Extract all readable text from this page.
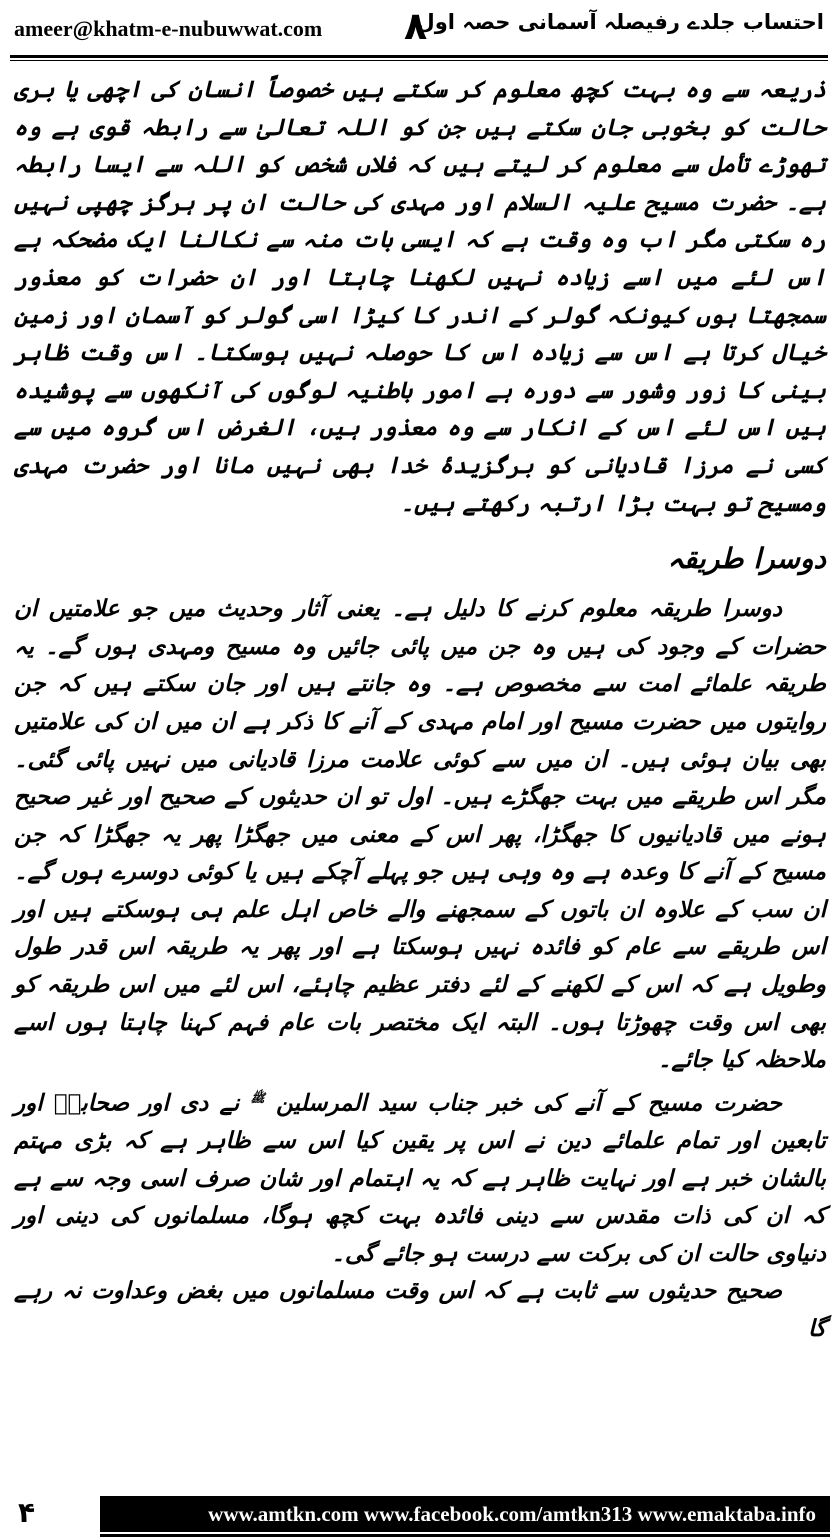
ameer@khatm-e-nubuwwat.com ۸
احتساب جلدے رفیصلہ آسمانی حصہ اول

ذریعہ سے وہ بہت کچھ معلوم کر سکتے ہیں خصوصاً انسان کی اچھی یا بری حالت کو بخوبی جان سکتے ہیں جن کو اللہ تعالیٰ سے رابطہ قوی ہے وہ تھوڑے تأمل سے معلوم کر لیتے ہیں کہ فلاں شخص کو اللہ سے ایسا رابطہ ہے۔ حضرت مسیح علیہ السلام اور مہدی کی حالت ان پر ہرگز چھپی نہیں رہ سکتی مگر اب وہ وقت ہے کہ ایسی بات منہ سے نکالنا ایک مضحکہ ہے اس لئے میں اسے زیادہ نہیں لکھنا چاہتا اور ان حضرات کو معذور سمجھتا ہوں کیونکہ گولر کے اندر کا کیڑا اسی گولر کو آسمان اور زمین خیال کرتا ہے اس سے زیادہ اس کا حوصلہ نہیں ہوسکتا۔ اس وقت ظاہر بینی کا زور وشور سے دورہ ہے امور باطنیہ لوگوں کی آنکھوں سے پوشیدہ ہیں اس لئے اس کے انکار سے وہ معذور ہیں، الغرض اس گروہ میں سے کسی نے مرزا قادیانی کو برگزیدۂ خدا بھی نہیں مانا اور حضرت مہدی ومسیح تو بہت بڑا ارتبہ رکھتے ہیں۔

دوسرا طریقہ

دوسرا طریقہ معلوم کرنے کا دلیل ہے۔ یعنی آثار وحدیث میں جو علامتیں ان حضرات کے وجود کی ہیں وہ جن میں پائی جائیں وہ مسیح ومہدی ہوں گے۔ یہ طریقہ علمائے امت سے مخصوص ہے۔ وہ جانتے ہیں اور جان سکتے ہیں کہ جن روایتوں میں حضرت مسیح اور امام مہدی کے آنے کا ذکر ہے ان میں ان کی علامتیں بھی بیان ہوئی ہیں۔ ان میں سے کوئی علامت مرزا قادیانی میں نہیں پائی گئی۔ مگر اس طریقے میں بہت جھگڑے ہیں۔ اول تو ان حدیثوں کے صحیح اور غیر صحیح ہونے میں قادیانیوں کا جھگڑا، پھر اس کے معنی میں جھگڑا پھر یہ جھگڑا کہ جن مسیح کے آنے کا وعدہ ہے وہ وہی ہیں جو پہلے آچکے ہیں یا کوئی دوسرے ہوں گے۔ ان سب کے علاوہ ان باتوں کے سمجھنے والے خاص اہل علم ہی ہوسکتے ہیں اور اس طریقے سے عام کو فائدہ نہیں ہوسکتا ہے اور پھر یہ طریقہ اس قدر طول وطویل ہے کہ اس کے لکھنے کے لئے دفتر عظیم چاہئے، اس لئے میں اس طریقہ کو بھی اس وقت چھوڑتا ہوں۔ البتہ ایک مختصر بات عام فہم کہنا چاہتا ہوں اسے ملاحظہ کیا جائے۔

حضرت مسیح کے آنے کی خبر جناب سید المرسلین $^ﷺ$ نے دی اور صحابہؓ اور تابعین اور تمام علمائے دین نے اس پر یقین کیا اس سے ظاہر ہے کہ بڑی مہتم بالشان خبر ہے اور نہایت ظاہر ہے کہ یہ اہتمام اور شان صرف اسی وجہ سے ہے کہ ان کی ذات مقدس سے دینی فائدہ بہت کچھ ہوگا، مسلمانوں کی دینی اور دنیاوی حالت ان کی برکت سے درست ہو جائے گی۔

صحیح حدیثوں سے ثابت ہے کہ اس وقت مسلمانوں میں بغض وعداوت نہ رہے گا

۴	www.amtkn.com www.facebook.com/amtkn313 www.emaktaba.info
